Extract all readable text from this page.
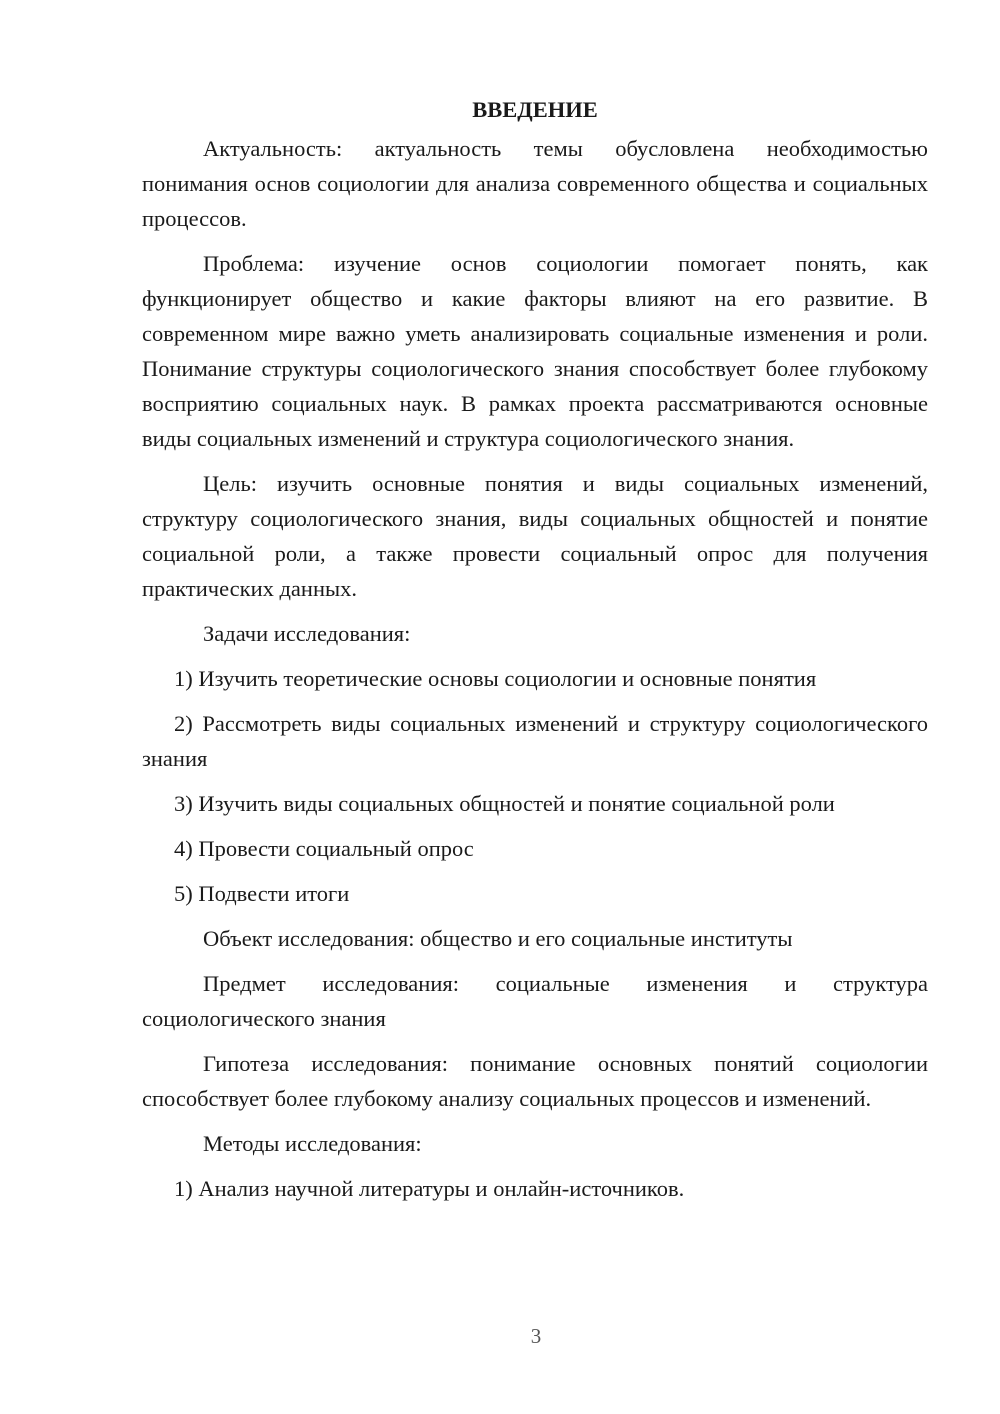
ВВЕДЕНИЕ

Актуальность: актуальность темы обусловлена необходимостью понимания основ социологии для анализа современного общества и социальных процессов.

Проблема: изучение основ социологии помогает понять, как функционирует общество и какие факторы влияют на его развитие. В современном мире важно уметь анализировать социальные изменения и роли. Понимание структуры социологического знания способствует более глубокому восприятию социальных наук. В рамках проекта рассматриваются основные виды социальных изменений и структура социологического знания.

Цель: изучить основные понятия и виды социальных изменений, структуру социологического знания, виды социальных общностей и понятие социальной роли, а также провести социальный опрос для получения практических данных.

Задачи исследования:

1) Изучить теоретические основы социологии и основные понятия

2) Рассмотреть виды социальных изменений и структуру социологического знания

3) Изучить виды социальных общностей и понятие социальной роли

4) Провести социальный опрос

5) Подвести итоги

Объект исследования: общество и его социальные институты

Предмет исследования: социальные изменения и структура социологического знания

Гипотеза исследования: понимание основных понятий социологии способствует более глубокому анализу социальных процессов и изменений.

Методы исследования:

1) Анализ научной литературы и онлайн-источников.

3
